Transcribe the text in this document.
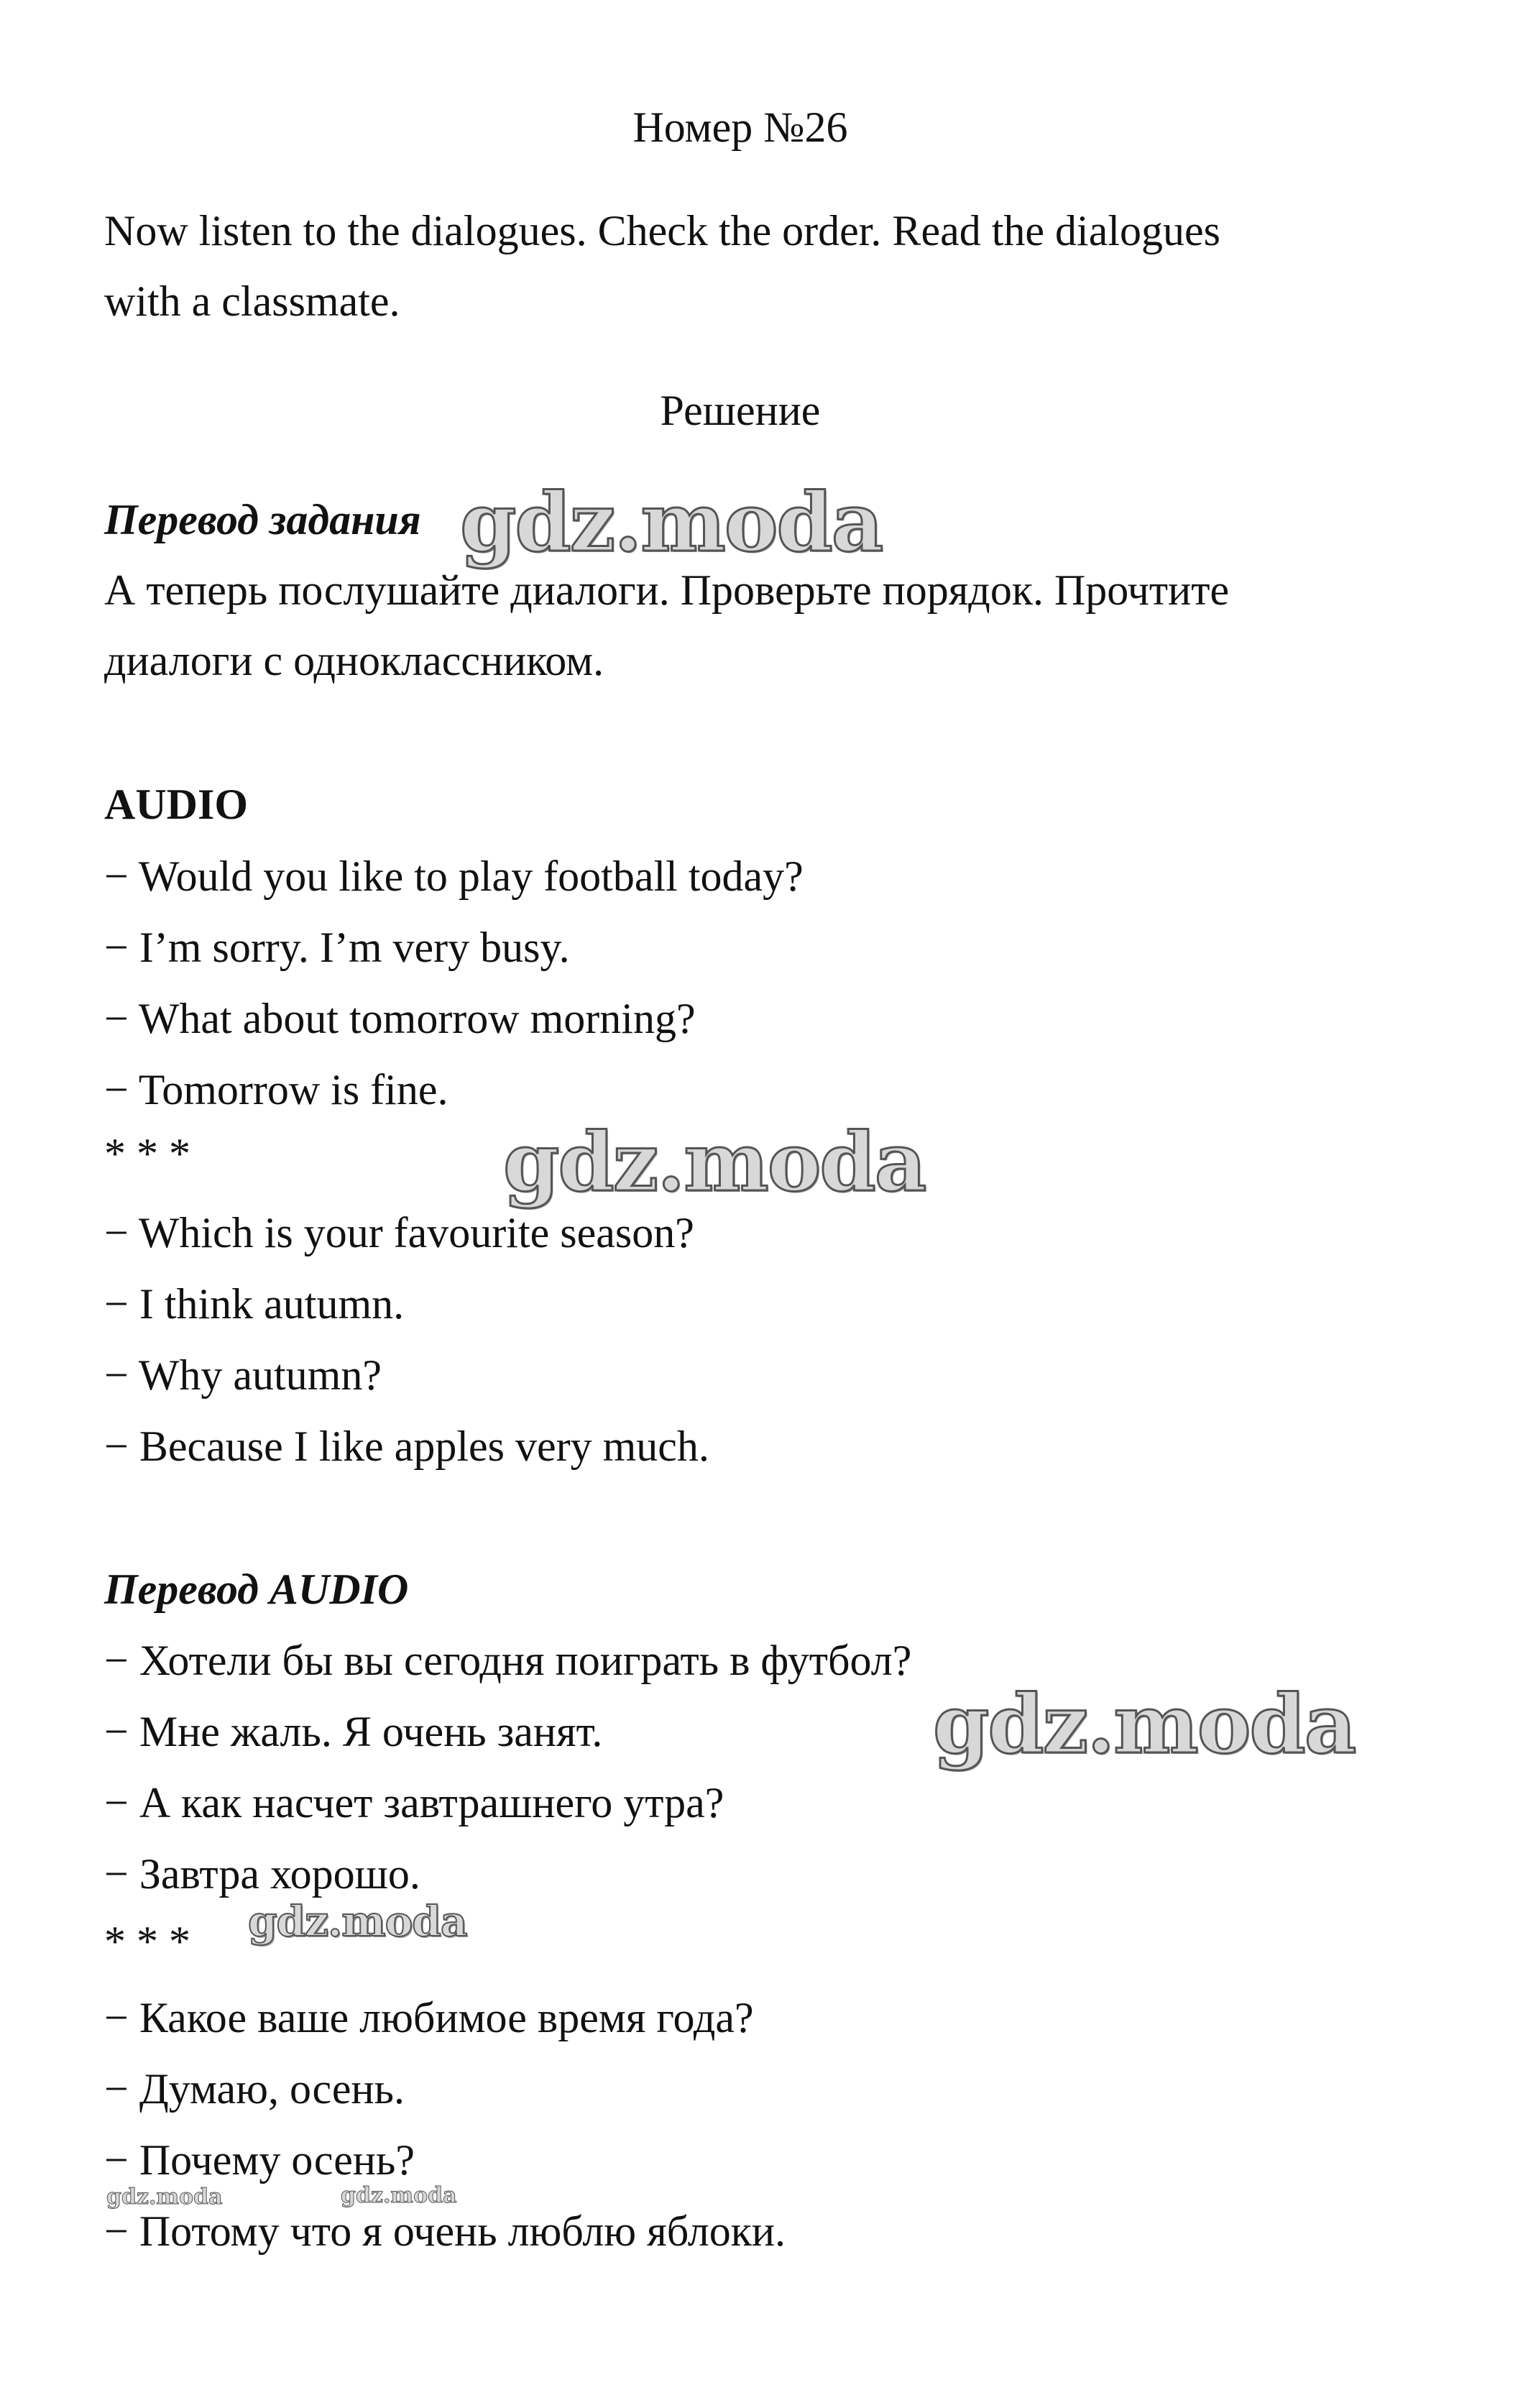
Номер №26
Now listen to the dialogues. Check the order. Read the dialogues
with a classmate.
Решение
Перевод задания
А теперь послушайте диалоги. Проверьте порядок. Прочтите
диалоги с одноклассником.
AUDIO
− Would you like to play football today?
− I’m sorry. I’m very busy.
− What about tomorrow morning?
− Tomorrow is fine.
* * *
− Which is your favourite season?
− I think autumn.
− Why autumn?
− Because I like apples very much.
Перевод AUDIO
− Хотели бы вы сегодня поиграть в футбол?
− Мне жаль. Я очень занят.
− А как насчет завтрашнего утра?
− Завтра хорошо.
* * *
− Какое ваше любимое время года?
− Думаю, осень.
− Почему осень?
− Потому что я очень люблю яблоки.
gdz.moda
gdz.moda
gdz.moda
gdz.moda
gdz.moda	gdz.moda
